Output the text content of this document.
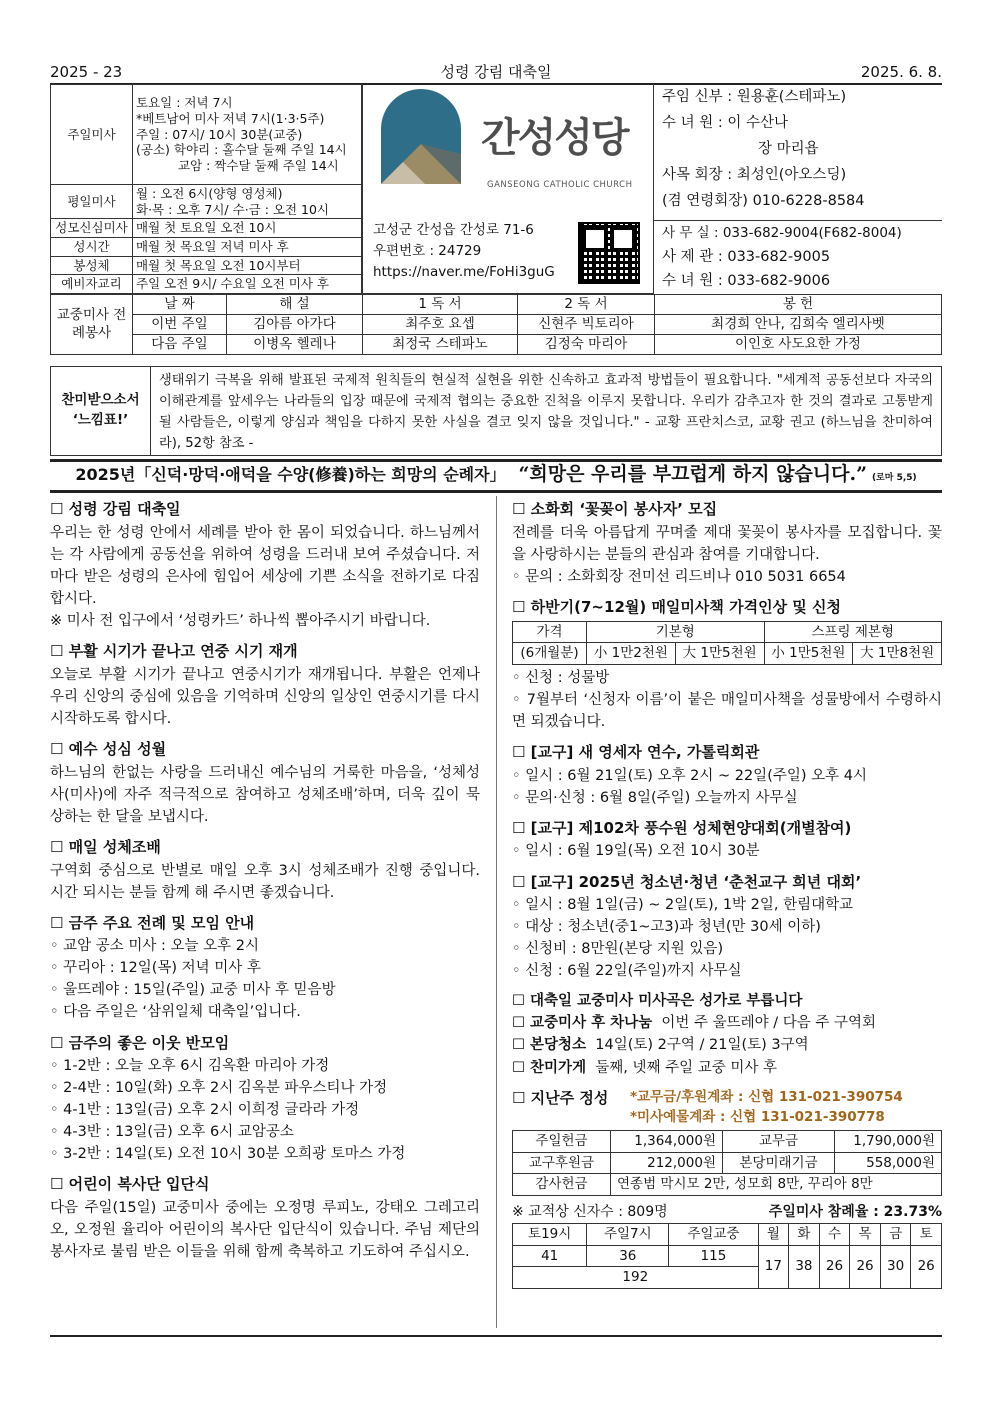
2025 - 23	성령 강림 대축일	2025. 6. 8.
주일미사	토요일 : 저녁 7시
*베트남어 미사 저녁 7시(1·3·5주)
주일 : 07시/ 10시 30분(교중)
(공소) 학야리 : 홀수달 둘째 주일 14시
교암 : 짝수달 둘째 주일 14시

평일미사	월 : 오전 6시(양형 영성체)
화·목 : 오후 7시/ 수·금 : 오전 10시

성모신심미사	매월 첫 토요일 오전 10시
성시간	매월 첫 목요일 저녁 미사 후
봉성체	매월 첫 목요일 오전 10시부터
예비자교리	주일 오전 9시/ 수요일 오전 미사 후
간성성당
GANSEONG CATHOLIC CHURCH
고성군 간성읍 간성로 71-6
우편번호 : 24729
https://naver.me/FoHi3guG
주임 신부 : 원용훈(스테파노)
수 녀 원 : 이 수산나
장 마리욥
사목 회장 : 최성인(아오스딩)
(겸 연령회장) 010-6228-8584
사 무 실 : 033-682-9004(F682-8004)
사 제 관 : 033-682-9005
수 녀 원 : 033-682-9006
교중미사 전례봉사	날 짜	해 설	1 독 서	2 독 서	봉 헌
	이번 주일	김아름 아가다	최주호 요셉	신현주 빅토리아	최경희 안나, 김희숙 엘리사벳
	다음 주일	이병옥 헬레나	최정국 스테파노	김정숙 마리아	이인호 사도요한 가정
찬미받으소서
‘느낌표!’
생태위기 극복을 위해 발표된 국제적 원칙들의 현실적 실현을 위한 신속하고 효과적 방법들이 필요합니다. "세계적 공동선보다 자국의 이해관계를 앞세우는 나라들의 입장 때문에 국제적 협의는 중요한 진척을 이루지 못합니다. 우리가 감추고자 한 것의 결과로 고통받게 될 사람들은, 이렇게 양심과 책임을 다하지 못한 사실을 결코 잊지 않을 것입니다." - 교황 프란치스코, 교황 권고 (하느님을 찬미하여라), 52항 참조 -
2025년「신덕·망덕·애덕을 수양(修養)하는 희망의 순례자」 “희망은 우리를 부끄럽게 하지 않습니다.” (로마 5,5)
☐ 성령 강림 대축일
우리는 한 성령 안에서 세례를 받아 한 몸이 되었습니다. 하느님께서는 각 사람에게 공동선을 위하여 성령을 드러내 보여 주셨습니다. 저마다 받은 성령의 은사에 힘입어 세상에 기쁜 소식을 전하기로 다짐합시다.
※ 미사 전 입구에서 ‘성령카드’ 하나씩 뽑아주시기 바랍니다.
☐ 부활 시기가 끝나고 연중 시기 재개
오늘로 부활 시기가 끝나고 연중시기가 재개됩니다. 부활은 언제나 우리 신앙의 중심에 있음을 기억하며 신앙의 일상인 연중시기를 다시 시작하도록 합시다.
☐ 예수 성심 성월
하느님의 한없는 사랑을 드러내신 예수님의 거룩한 마음을, ‘성체성사(미사)에 자주 적극적으로 참여하고 성체조배’하며, 더욱 깊이 묵상하는 한 달을 보냅시다.
☐ 매일 성체조배
구역회 중심으로 반별로 매일 오후 3시 성체조배가 진행 중입니다. 시간 되시는 분들 함께 해 주시면 좋겠습니다.
☐ 금주 주요 전례 및 모임 안내
◦ 교암 공소 미사 : 오늘 오후 2시
◦ 꾸리아 : 12일(목) 저녁 미사 후
◦ 울뜨레야 : 15일(주일) 교중 미사 후 믿음방
◦ 다음 주일은 ‘삼위일체 대축일’입니다.
☐ 금주의 좋은 이웃 반모임
◦ 1-2반 : 오늘 오후 6시 김옥환 마리아 가정
◦ 2-4반 : 10일(화) 오후 2시 김옥분 파우스티나 가정
◦ 4-1반 : 13일(금) 오후 2시 이희정 글라라 가정
◦ 4-3반 : 13일(금) 오후 6시 교암공소
◦ 3-2반 : 14일(토) 오전 10시 30분 오희광 토마스 가정
☐ 어린이 복사단 입단식
다음 주일(15일) 교중미사 중에는 오정명 루피노, 강태오 그레고리오, 오정원 율리아 어린이의 복사단 입단식이 있습니다. 주님 제단의 봉사자로 불림 받은 이들을 위해 함께 축복하고 기도하여 주십시오.
☐ 소화회 ‘꽃꽂이 봉사자’ 모집
전례를 더욱 아름답게 꾸며줄 제대 꽃꽂이 봉사자를 모집합니다. 꽃을 사랑하시는 분들의 관심과 참여를 기대합니다.
◦ 문의 : 소화회장 전미선 리드비나 010 5031 6654
☐ 하반기(7~12월) 매일미사책 가격인상 및 신청
가격	기본형		스프링 제본형	
(6개월분)	小 1만2천원	大 1만5천원	小 1만5천원	大 1만8천원
◦ 신청 : 성물방
◦ 7월부터 ‘신청자 이름’이 붙은 매일미사책을 성물방에서 수령하시면 되겠습니다.
☐ [교구] 새 영세자 연수, 가톨릭회관
◦ 일시 : 6월 21일(토) 오후 2시 ~ 22일(주일) 오후 4시
◦ 문의·신청 : 6월 8일(주일) 오늘까지 사무실
☐ [교구] 제102차 풍수원 성체현양대회(개별참여)
◦ 일시 : 6월 19일(목) 오전 10시 30분
☐ [교구] 2025년 청소년·청년 ‘춘천교구 희년 대회’
◦ 일시 : 8월 1일(금) ~ 2일(토), 1박 2일, 한림대학교
◦ 대상 : 청소년(중1~고3)과 청년(만 30세 이하)
◦ 신청비 : 8만원(본당 지원 있음)
◦ 신청 : 6월 22일(주일)까지 사무실
☐ 대축일 교중미사 미사곡은 성가로 부릅니다
☐ 교중미사 후 차나눔 이번 주 울뜨레야 / 다음 주 구역회
☐ 본당청소 14일(토) 2구역 / 21일(토) 3구역
☐ 찬미가게 둘째, 넷째 주일 교중 미사 후
☐ 지난주 정성	*교무금/후원계좌 : 신협 131-021-390754
*미사예물계좌 : 신협 131-021-390778
주일헌금	1,364,000원	교무금	1,790,000원
교구후원금	212,000원	본당미래기금	558,000원
감사헌금	연종범 막시모 2만, 성모회 8만, 꾸리아 8만		
※ 교적상 신자수 : 809명	주일미사 참례율 : 23.73%
토19시	주일7시	주일교중	월	화	수	목	금	토
41	36	115	17	38	26	26	30	26
192								
